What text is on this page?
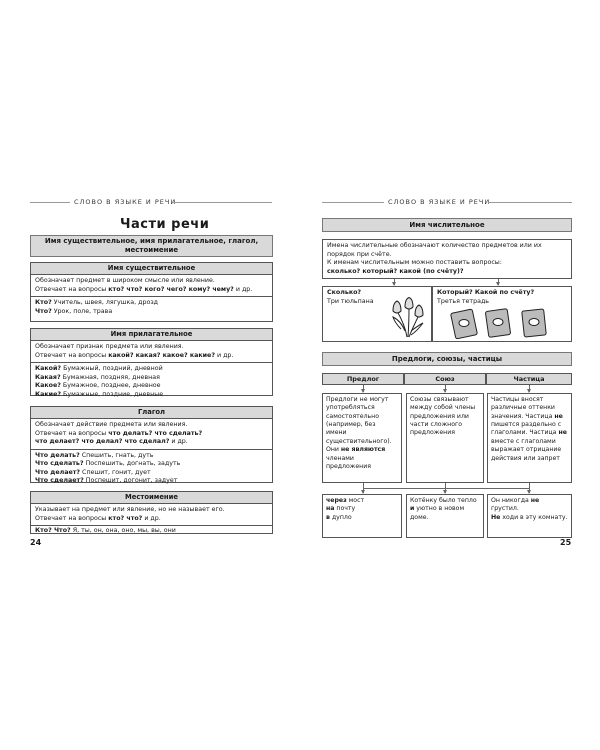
СЛОВО В ЯЗЫКЕ И РЕЧИ
Части речи
Имя существительное, имя прилагательное, глагол, местоимение
Имя существительное
Обозначает предмет в широком смысле или явление.
Отвечает на вопросы кто? что? кого? чего? кому? чему? и др.
Кто? Учитель, швея, лягушка, дрозд
Что? Урок, поле, трава
Имя прилагательное
Обозначает признак предмета или явления.
Отвечает на вопросы какой? какая? какое? какие? и др.
Какой? Бумажный, поздний, дневной
Какая? Бумажная, поздняя, дневная
Какое? Бумажное, позднее, дневное
Какие? Бумажные, поздние, дневные
Глагол
Обозначает действие предмета или явления.
Отвечает на вопросы что делать? что сделать?
что делает? что делал? что сделал? и др.
Что делать? Спешить, гнать, дуть
Что сделать? Поспешить, догнать, задуть
Что делает? Спешит, гонит, дует
Что сделает? Поспешит, догонит, задует
Местоимение
Указывает на предмет или явление, но не называет его.
Отвечает на вопросы кто? что? и др.
Кто? Что? Я, ты, он, она, оно, мы, вы, они
24
СЛОВО В ЯЗЫКЕ И РЕЧИ
Имя числительное
Имена числительные обозначают количество предметов или их порядок при счёте.
К именам числительным можно поставить вопросы:
сколько? который? какой (по счёту)?
Сколько?
Три тюльпана
Который? Какой по счёту?
Третья тетрадь
Предлоги, союзы, частицы
Предлог	Союз	Частица
Предлоги не могут употребляться самостоятельно (например, без имени существительного). Они не являются членами предложения
Союзы связывают между собой члены предложения или части сложного предложения
Частицы вносят различные оттенки значения. Частица не пишется раздельно с глаголами. Частица не вместе с глаголами выражает отрицание действия или запрет
через мост
на почту
в дупло
Котёнку было тепло и уютно в новом доме.
Он никогда не грустил.
Не ходи в эту комнату.
25
